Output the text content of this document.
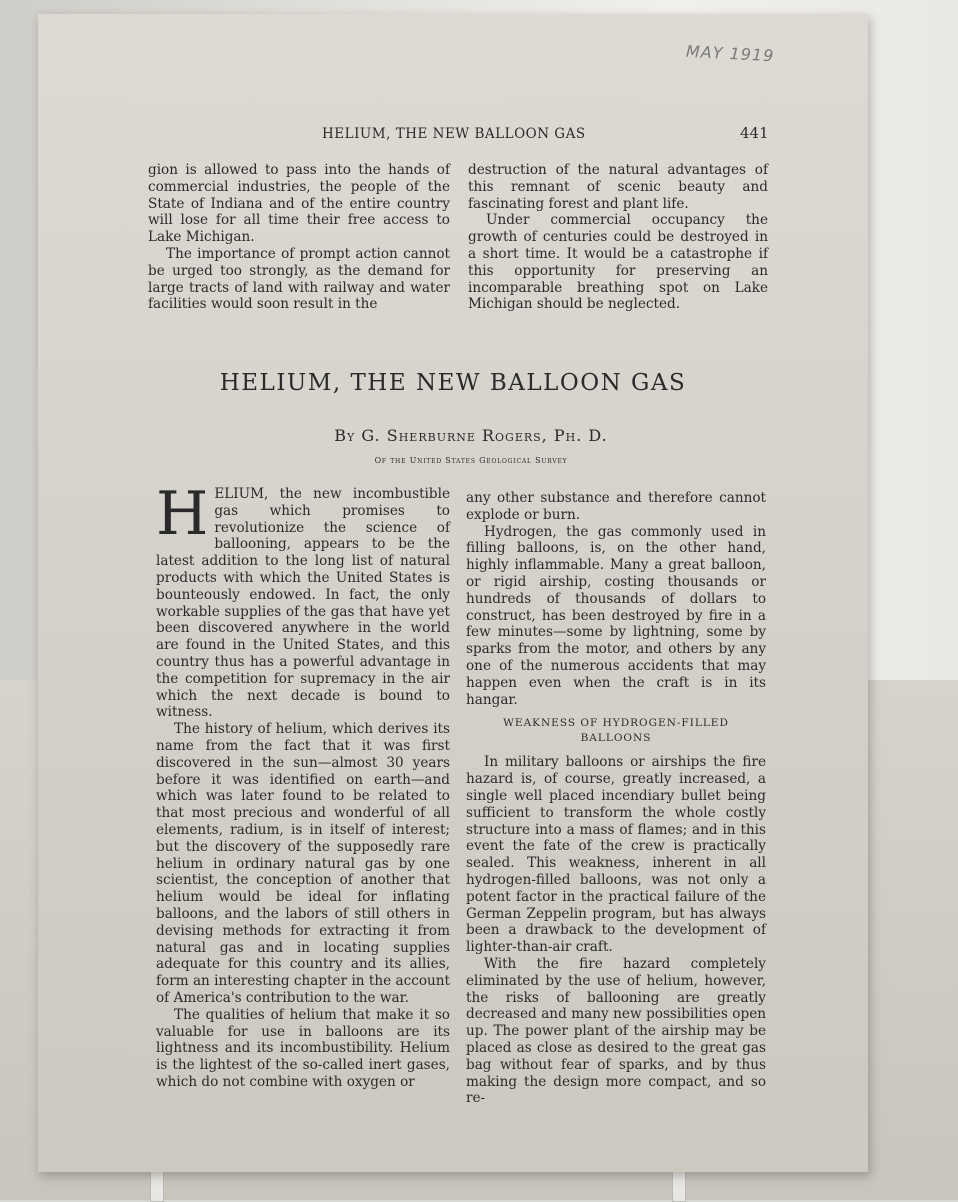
MAY 1919
HELIUM, THE NEW BALLOON GAS	441

gion is allowed to pass into the hands of commercial industries, the people of the State of Indiana and of the entire country will lose for all time their free access to Lake Michigan.

The importance of prompt action cannot be urged too strongly, as the demand for large tracts of land with railway and water facilities would soon result in the

destruction of the natural advantages of this remnant of scenic beauty and fascinating forest and plant life.

Under commercial occupancy the growth of centuries could be destroyed in a short time. It would be a catastrophe if this opportunity for preserving an incomparable breathing spot on Lake Michigan should be neglected.

HELIUM, THE NEW BALLOON GAS
By G. Sherburne Rogers, Ph. D.
Of the United States Geological Survey

HELIUM, the new incombustible gas which promises to revolutionize the science of ballooning, appears to be the latest addition to the long list of natural products with which the United States is bounteously endowed. In fact, the only workable supplies of the gas that have yet been discovered anywhere in the world are found in the United States, and this country thus has a powerful advantage in the competition for supremacy in the air which the next decade is bound to witness.

The history of helium, which derives its name from the fact that it was first discovered in the sun—almost 30 years before it was identified on earth—and which was later found to be related to that most precious and wonderful of all elements, radium, is in itself of interest; but the discovery of the supposedly rare helium in ordinary natural gas by one scientist, the conception of another that helium would be ideal for inflating balloons, and the labors of still others in devising methods for extracting it from natural gas and in locating supplies adequate for this country and its allies, form an interesting chapter in the account of America's contribution to the war.

The qualities of helium that make it so valuable for use in balloons are its lightness and its incombustibility. Helium is the lightest of the so-called inert gases, which do not combine with oxygen or

any other substance and therefore cannot explode or burn.

Hydrogen, the gas commonly used in filling balloons, is, on the other hand, highly inflammable. Many a great balloon, or rigid airship, costing thousands or hundreds of thousands of dollars to construct, has been destroyed by fire in a few minutes—some by lightning, some by sparks from the motor, and others by any one of the numerous accidents that may happen even when the craft is in its hangar.

WEAKNESS OF HYDROGEN-FILLED BALLOONS

In military balloons or airships the fire hazard is, of course, greatly increased, a single well placed incendiary bullet being sufficient to transform the whole costly structure into a mass of flames; and in this event the fate of the crew is practically sealed. This weakness, inherent in all hydrogen-filled balloons, was not only a potent factor in the practical failure of the German Zeppelin program, but has always been a drawback to the development of lighter-than-air craft.

With the fire hazard completely eliminated by the use of helium, however, the risks of ballooning are greatly decreased and many new possibilities open up. The power plant of the airship may be placed as close as desired to the great gas bag without fear of sparks, and by thus making the design more compact, and so re-
